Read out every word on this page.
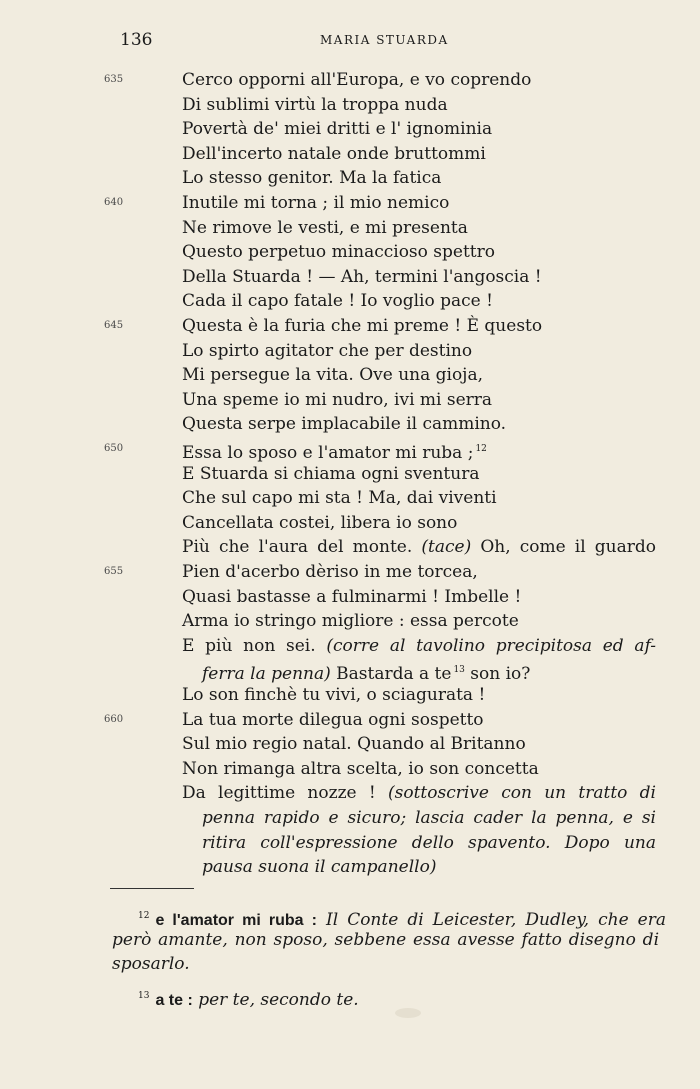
136	MARIA STUARDA
635	Cerco opporni all'Europa, e vo coprendo
Di sublimi virtù la troppa nuda
Povertà de' miei dritti e l' ignominia
Dell'incerto natale onde bruttommi
Lo stesso genitor. Ma la fatica
640	Inutile mi torna ; il mio nemico
Ne rimove le vesti, e mi presenta
Questo perpetuo minaccioso spettro
Della Stuarda ! — Ah, termini l'angoscia !
Cada il capo fatale ! Io voglio pace !
645	Questa è la furia che mi preme ! È questo
Lo spirto agitator che per destino
Mi persegue la vita. Ove una gioja,
Una speme io mi nudro, ivi mi serra
Questa serpe implacabile il cammino.
650	Essa lo sposo e l'amator mi ruba ; $^{12}$
E Stuarda si chiama ogni sventura
Che sul capo mi sta ! Ma, dai viventi
Cancellata costei, libera io sono
Più che l'aura del monte. (tace) Oh, come il guardo
655	Pien d'acerbo dèriso in me torcea,
Quasi bastasse a fulminarmi ! Imbelle !
Arma io stringo migliore : essa percote
E più non sei. (corre al tavolino precipitosa ed af-
ferra la penna) Bastarda a te $^{13}$ son io?
Lo son finchè tu vivi, o sciagurata !
660	La tua morte dilegua ogni sospetto
Sul mio regio natal. Quando al Britanno
Non rimanga altra scelta, io son concetta
Da legittime nozze ! (sottoscrive con un tratto di
penna rapido e sicuro; lascia cader la penna, e si
ritira coll'espressione dello spavento. Dopo una
pausa suona il campanello)
$^{12}$ e l'amator mi ruba : Il Conte di Leicester, Dudley, che era
però amante, non sposo, sebbene essa avesse fatto disegno di
sposarlo.
$^{13}$ a te : per te, secondo te.
